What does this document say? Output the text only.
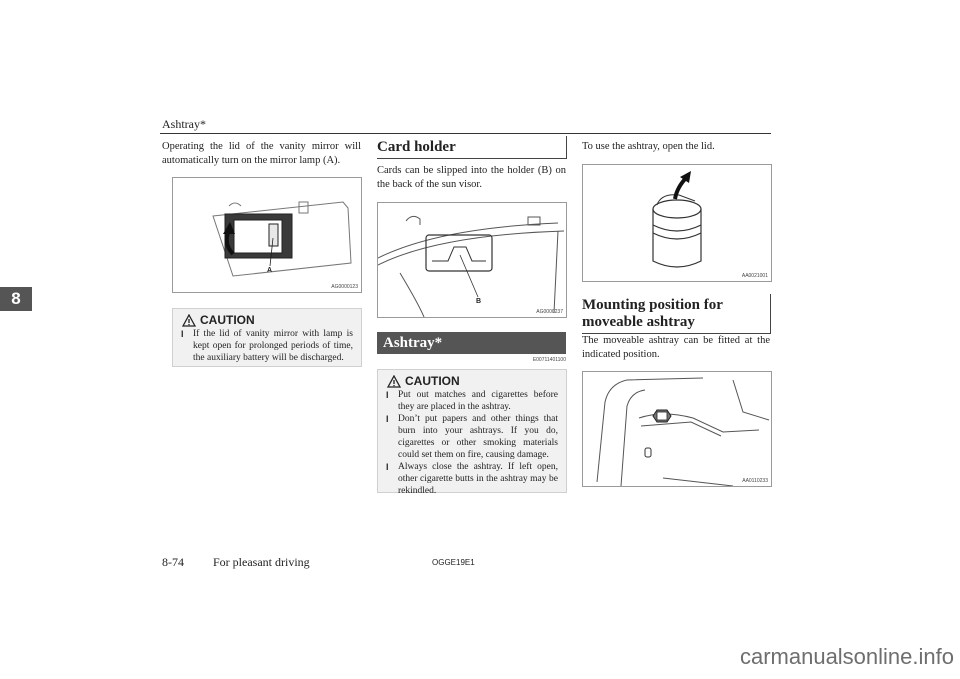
Ashtray*
8
Operating the lid of the vanity mirror will automatically turn on the mirror lamp (A).
A
AG0000123
CAUTION
l If the lid of vanity mirror with lamp is kept open for prolonged periods of time, the auxiliary battery will be discharged.
Card holder
Cards can be slipped into the holder (B) on the back of the sun visor.
B
AG0000237
Ashtray*
E00711401100
CAUTION
l Put out matches and cigarettes before they are placed in the ashtray.
l Don’t put papers and other things that burn into your ashtrays. If you do, cigarettes or other smoking materials could set them on fire, causing damage.
l Always close the ashtray. If left open, other cigarette butts in the ashtray may be rekindled.
To use the ashtray, open the lid.
AA0021001
Mounting position for moveable ashtray
The moveable ashtray can be fitted at the indicated position.
AA0110233
8-74 For pleasant driving	OGGE19E1
carmanualsonline.info
